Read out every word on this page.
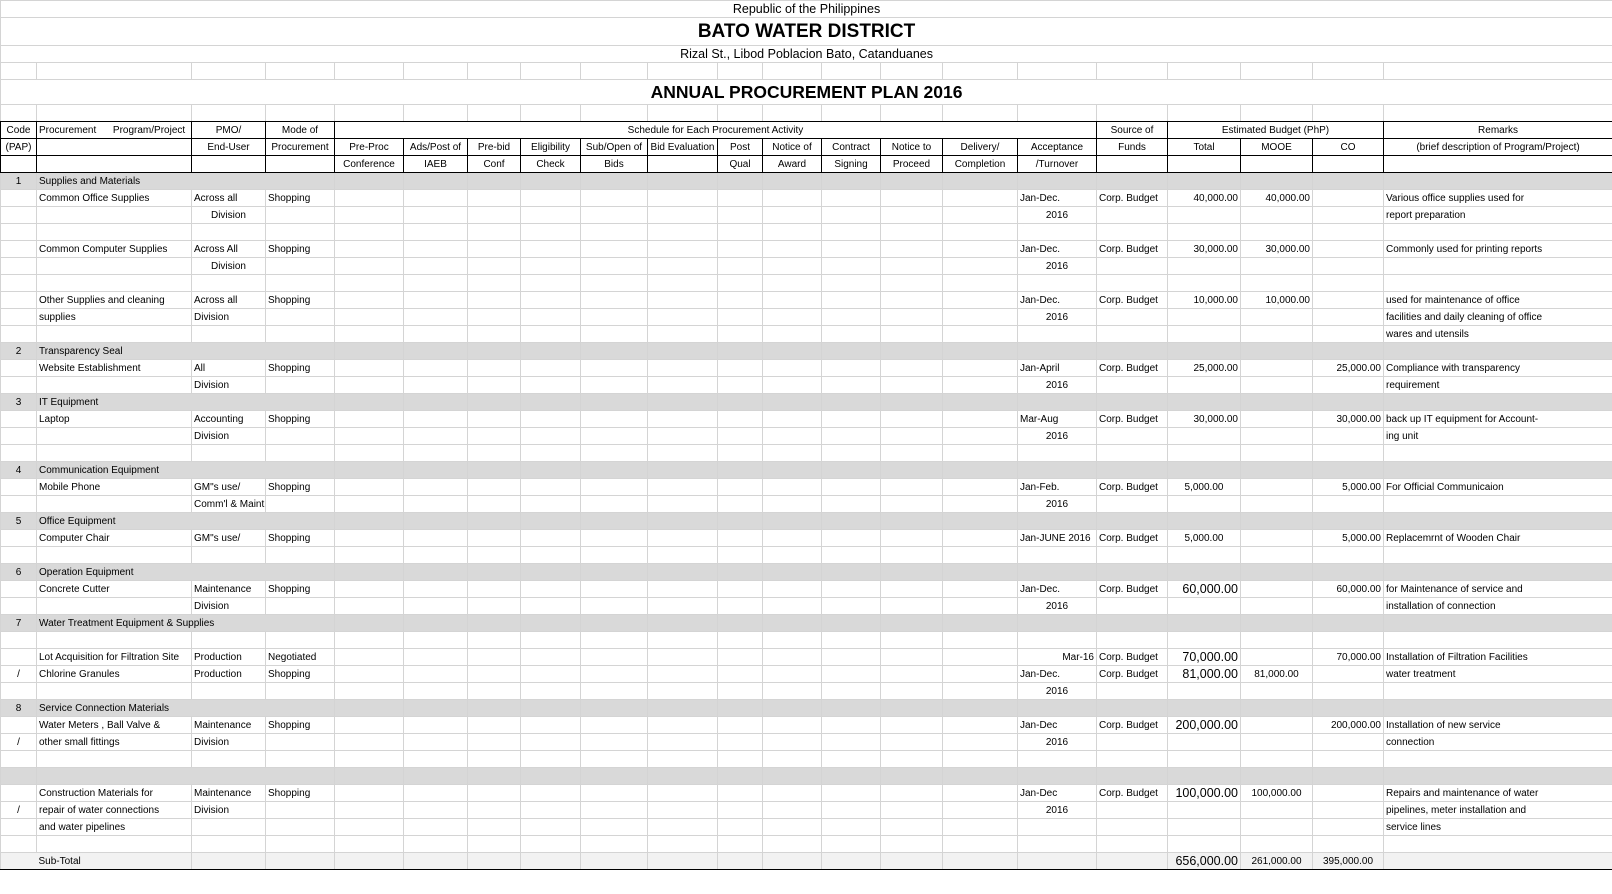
Republic of the Philippines																				
BATO WATER DISTRICT																				
Rizal St., Libod Poblacion Bato, Catanduanes																				

ANNUAL PROCUREMENT PLAN 2016																				

Code	Procurement Program/Project	PMO/	Mode of	Schedule for Each Procurement Activity												Source of	Estimated Budget (PhP)			Remarks
(PAP)		End-User	Procurement	Pre-Proc	Ads/Post of	Pre-bid	Eligibility	Sub/Open of	Bid Evaluation	Post	Notice of	Contract	Notice to	Delivery/	Acceptance	Funds	Total	MOOE	CO	(brief description of Program/Project)
				Conference	IAEB	Conf	Check	Bids		Qual	Award	Signing	Proceed	Completion	/Turnover					
1	Supplies and Materials																			
	Common Office Supplies	Across all	Shopping												Jan-Dec.	Corp. Budget	40,000.00	40,000.00		Various office supplies used for
		Division													2016					report preparation

	Common Computer Supplies	Across All	Shopping												Jan-Dec.	Corp. Budget	30,000.00	30,000.00		Commonly used for printing reports
		Division													2016					

	Other Supplies and cleaning	Across all	Shopping												Jan-Dec.	Corp. Budget	10,000.00	10,000.00		used for maintenance of office
	supplies	Division													2016					facilities and daily cleaning of office
																				wares and utensils
2	Transparency Seal																			
	Website Establishment	All	Shopping												Jan-April	Corp. Budget	25,000.00		25,000.00	Compliance with transparency
		Division													2016					requirement
3	IT Equipment																			
	Laptop	Accounting	Shopping												Mar-Aug	Corp. Budget	30,000.00		30,000.00	back up IT equipment for Account-
		Division													2016					ing unit

4	Communication Equipment																			
	Mobile Phone	GM"s use/	Shopping												Jan-Feb.	Corp. Budget	5,000.00		5,000.00	For Official Communicaion
		Comm'l & Maint													2016					
5	Office Equipment																			
	Computer Chair	GM"s use/	Shopping												Jan-JUNE 2016	Corp. Budget	5,000.00		5,000.00	Replacemrnt of Wooden Chair

6	Operation Equipment																			
	Concrete Cutter	Maintenance	Shopping												Jan-Dec.	Corp. Budget	60,000.00		60,000.00	for Maintenance of service and
		Division													2016					installation of connection
7	Water Treatment Equipment & Supplies																			

	Lot Acquisition for Filtration Site	Production	Negotiated												Mar-16	Corp. Budget	70,000.00		70,000.00	Installation of Filtration Facilities
/	Chlorine Granules	Production	Shopping												Jan-Dec.	Corp. Budget	81,000.00	81,000.00		water treatment
															2016					
8	Service Connection Materials																			
	Water Meters , Ball Valve &	Maintenance	Shopping												Jan-Dec	Corp. Budget	200,000.00		200,000.00	Installation of new service
/	other small fittings	Division													2016					connection

	Construction Materials for	Maintenance	Shopping												Jan-Dec	Corp. Budget	100,000.00	100,000.00		Repairs and maintenance of water
/	repair of water connections	Division													2016					pipelines, meter installation and
	and water pipelines																			service lines

	Sub-Total																656,000.00	261,000.00	395,000.00	
